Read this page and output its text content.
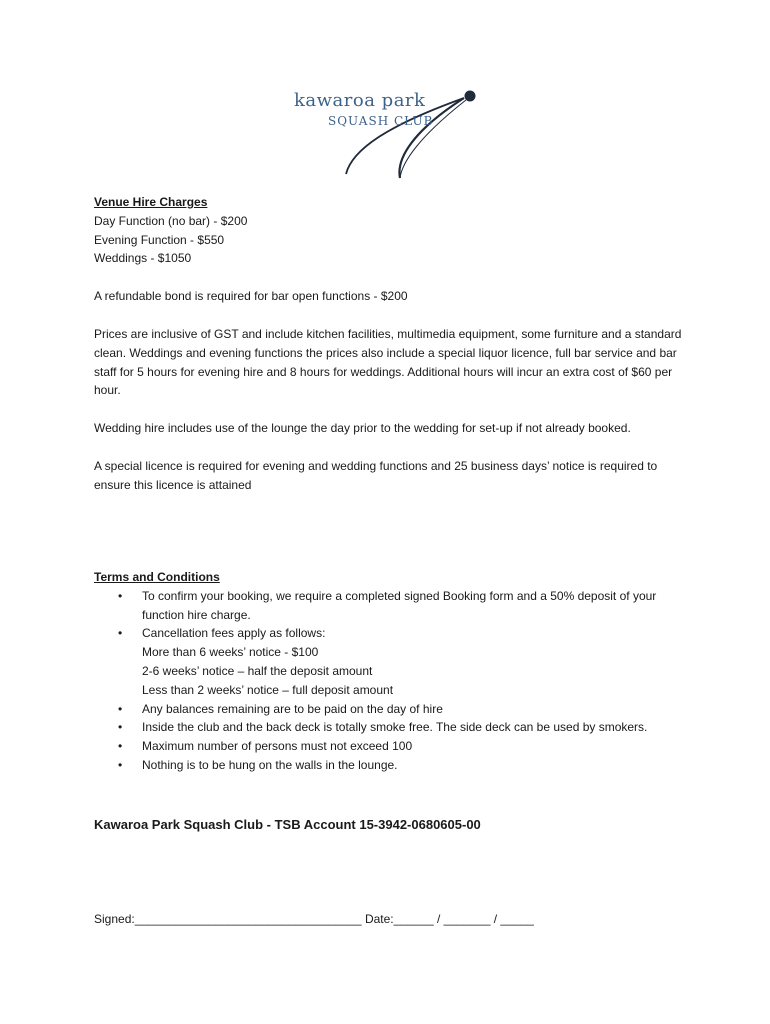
kawaroa park
SQUASH CLUB

Venue Hire Charges

Day Function (no bar) - $200

Evening Function - $550

Weddings - $1050

A refundable bond is required for bar open functions - $200

Prices are inclusive of GST and include kitchen facilities, multimedia equipment, some furniture and a standard clean. Weddings and evening functions the prices also include a special liquor licence, full bar service and bar staff for 5 hours for evening hire and 8 hours for weddings. Additional hours will incur an extra cost of $60 per hour.

Wedding hire includes use of the lounge the day prior to the wedding for set-up if not already booked.

A special licence is required for evening and wedding functions and 25 business days’ notice is required to ensure this licence is attained

Terms and Conditions

• To confirm your booking, we require a completed signed Booking form and a 50% deposit of your function hire charge.
• Cancellation fees apply as follows:
More than 6 weeks’ notice - $100
2-6 weeks’ notice – half the deposit amount
Less than 2 weeks’ notice – full deposit amount
• Any balances remaining are to be paid on the day of hire
• Inside the club and the back deck is totally smoke free. The side deck can be used by smokers.
• Maximum number of persons must not exceed 100
• Nothing is to be hung on the walls in the lounge.
Kawaroa Park Squash Club - TSB Account 15-3942-0680605-00
Signed:__________________________________ Date:______ / _______ / _____
